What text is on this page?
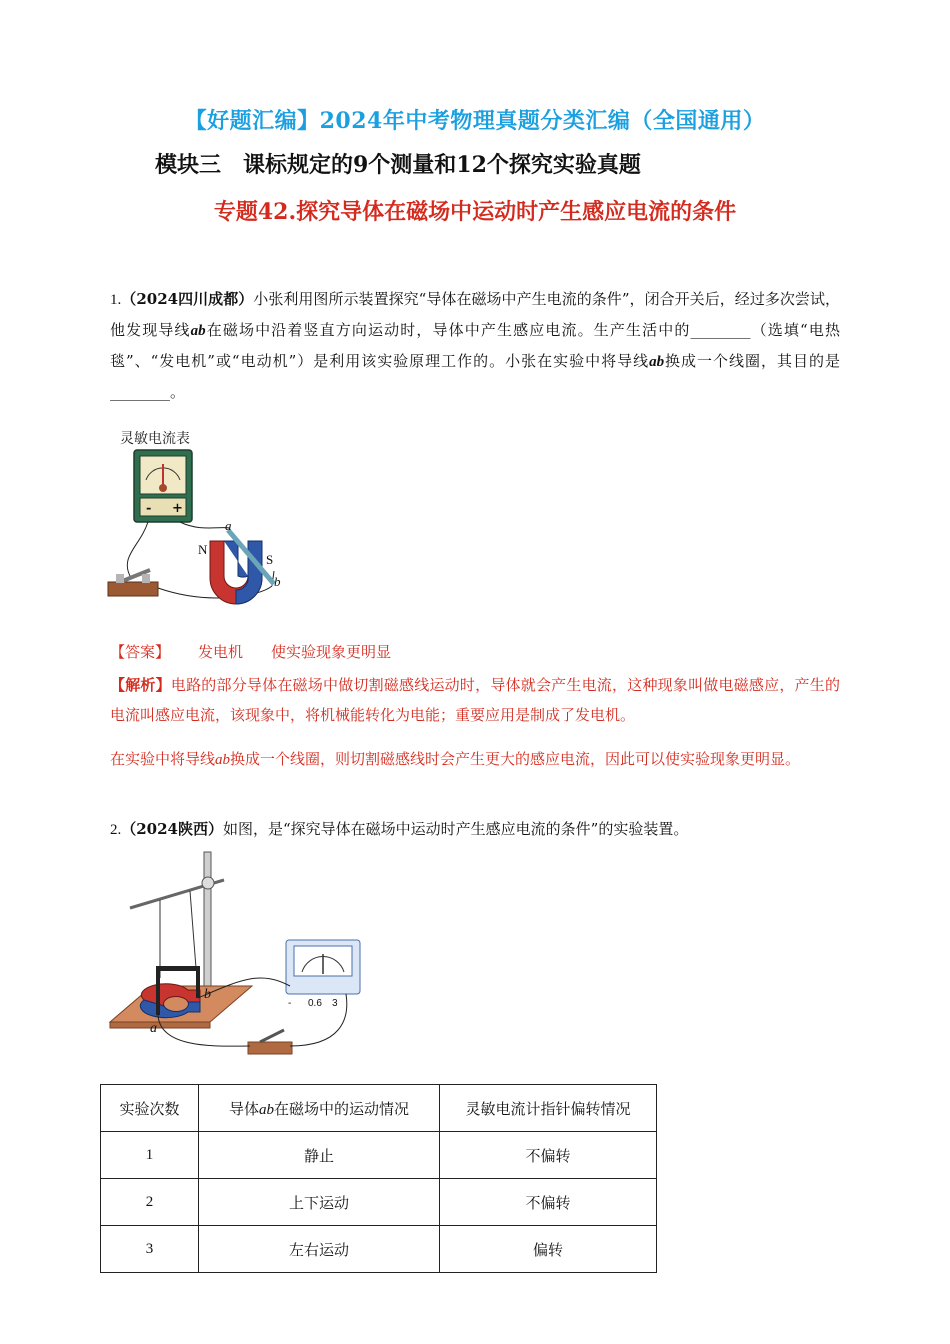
【好题汇编】2024年中考物理真题分类汇编（全国通用）
模块三　课标规定的9个测量和12个探究实验真题
专题42.探究导体在磁场中运动时产生感应电流的条件
1.（2024四川成都）小张利用图所示装置探究“导体在磁场中产生电流的条件”，闭合开关后，经过多次尝试，他发现导线ab在磁场中沿着竖直方向运动时，导体中产生感应电流。生产生活中的________（选填“电热毯”、“发电机”或“电动机”）是利用该实验原理工作的。小张在实验中将导线ab换成一个线圈，其目的是________。
灵敏电流表
- +
N
S
a
b
【答案】 发电机 使实验现象更明显
【解析】电路的部分导体在磁场中做切割磁感线运动时，导体就会产生电流，这种现象叫做电磁感应，产生的电流叫感应电流，该现象中，将机械能转化为电能；重要应用是制成了发电机。
在实验中将导线ab换成一个线圈，则切割磁感线时会产生更大的感应电流，因此可以使实验现象更明显。
2.（2024陕西）如图，是“探究导体在磁场中运动时产生感应电流的条件”的实验装置。
a
b
- 0.6 3
实验次数	导体ab在磁场中的运动情况	灵敏电流计指针偏转情况
1	静止	不偏转
2	上下运动	不偏转
3	左右运动	偏转
